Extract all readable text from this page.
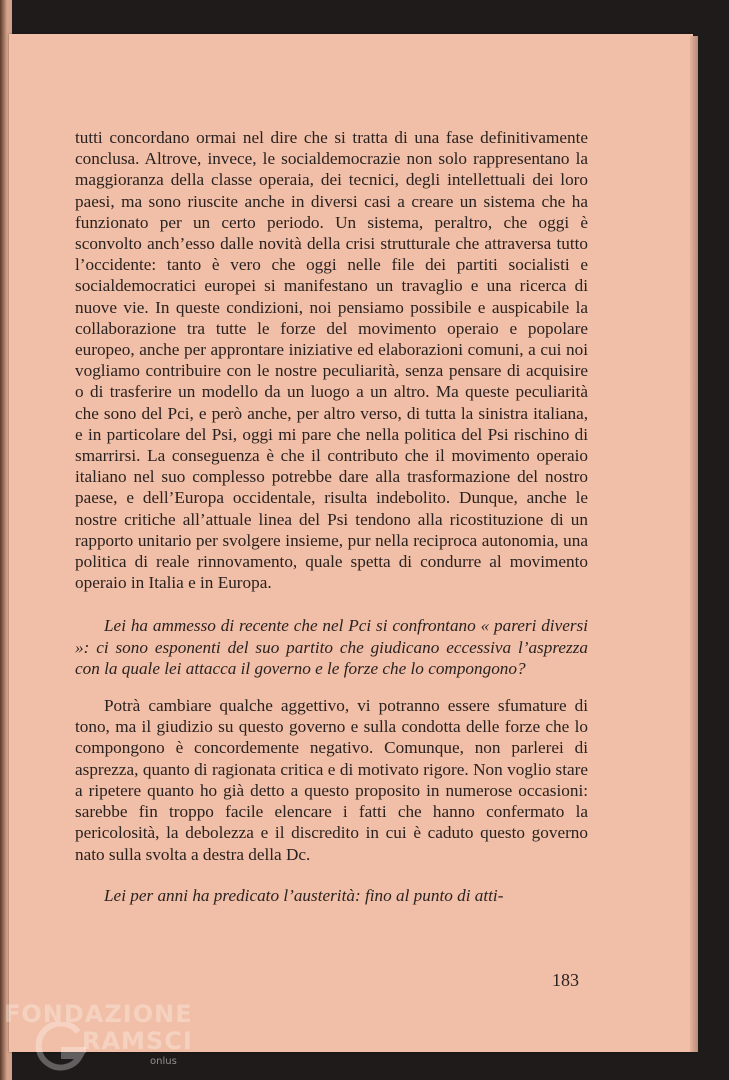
tutti concordano ormai nel dire che si tratta di una fase definitivamente conclusa. Altrove, invece, le socialdemocrazie non solo rappresentano la maggioranza della classe operaia, dei tecnici, degli intellettuali dei loro paesi, ma sono riuscite anche in diversi casi a creare un sistema che ha funzionato per un certo periodo. Un sistema, peraltro, che oggi è sconvolto anch’esso dalle novità della crisi strutturale che attraversa tutto l’occidente: tanto è vero che oggi nelle file dei partiti socialisti e socialdemocratici europei si manifestano un travaglio e una ricerca di nuove vie. In queste condizioni, noi pensiamo possibile e auspicabile la collaborazione tra tutte le forze del movimento operaio e popolare europeo, anche per approntare iniziative ed elaborazioni comuni, a cui noi vogliamo contribuire con le nostre peculiarità, senza pensare di acquisire o di trasferire un modello da un luogo a un altro. Ma queste peculiarità che sono del Pci, e però anche, per altro verso, di tutta la sinistra italiana, e in particolare del Psi, oggi mi pare che nella politica del Psi rischino di smarrirsi. La conseguenza è che il contributo che il movimento operaio italiano nel suo complesso potrebbe dare alla trasformazione del nostro paese, e dell’Europa occidentale, risulta indebolito. Dunque, anche le nostre critiche all’attuale linea del Psi tendono alla ricostituzione di un rapporto unitario per svolgere insieme, pur nella reciproca autonomia, una politica di reale rinnovamento, quale spetta di condurre al movimento operaio in Italia e in Europa.

Lei ha ammesso di recente che nel Pci si confrontano « pareri diversi »: ci sono esponenti del suo partito che giudicano eccessiva l’asprezza con la quale lei attacca il governo e le forze che lo compongono?

Potrà cambiare qualche aggettivo, vi potranno essere sfumature di tono, ma il giudizio su questo governo e sulla condotta delle forze che lo compongono è concordemente negativo. Comunque, non parlerei di asprezza, quanto di ragionata critica e di motivato rigore. Non voglio stare a ripetere quanto ho già detto a questo proposito in numerose occasioni: sarebbe fin troppo facile elencare i fatti che hanno confermato la pericolosità, la debolezza e il discredito in cui è caduto questo governo nato sulla svolta a destra della Dc.

Lei per anni ha predicato l’austerità: fino al punto di atti-

183
FONDAZIONE
RAMSCI
onlus
